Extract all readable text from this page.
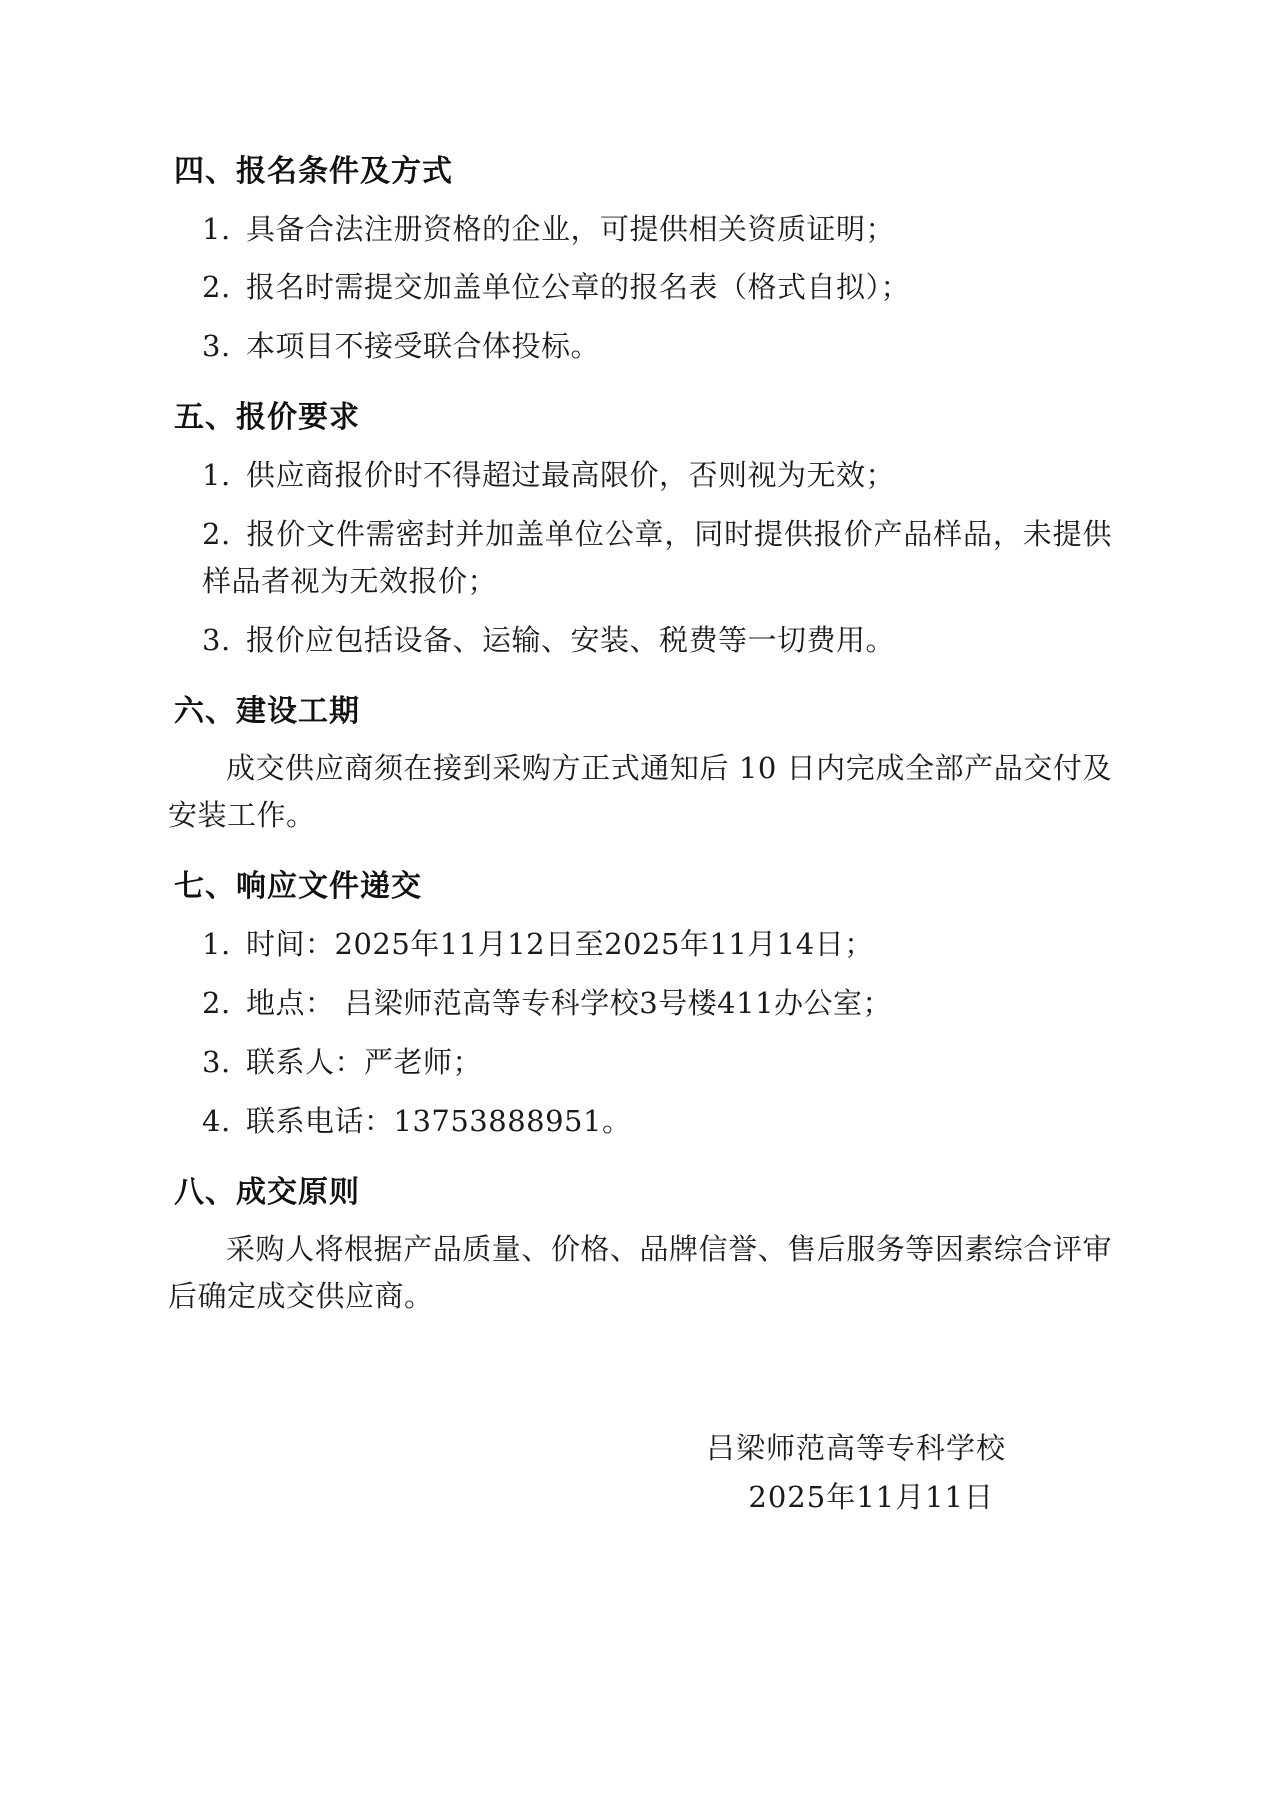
四、报名条件及方式

1. 具备合法注册资格的企业，可提供相关资质证明；

2. 报名时需提交加盖单位公章的报名表（格式自拟）；

3. 本项目不接受联合体投标。

五、报价要求

1. 供应商报价时不得超过最高限价，否则视为无效；

2. 报价文件需密封并加盖单位公章，同时提供报价产品样品，未提供样品者视为无效报价；

3. 报价应包括设备、运输、安装、税费等一切费用。

六、建设工期

成交供应商须在接到采购方正式通知后 10 日内完成全部产品交付及安装工作。

七、响应文件递交

1. 时间：2025年11月12日至2025年11月14日；

2. 地点： 吕梁师范高等专科学校3号楼411办公室；

3. 联系人：严老师；

4. 联系电话：13753888951。

八、成交原则

采购人将根据产品质量、价格、品牌信誉、售后服务等因素综合评审后确定成交供应商。

吕梁师范高等专科学校
2025年11月11日
